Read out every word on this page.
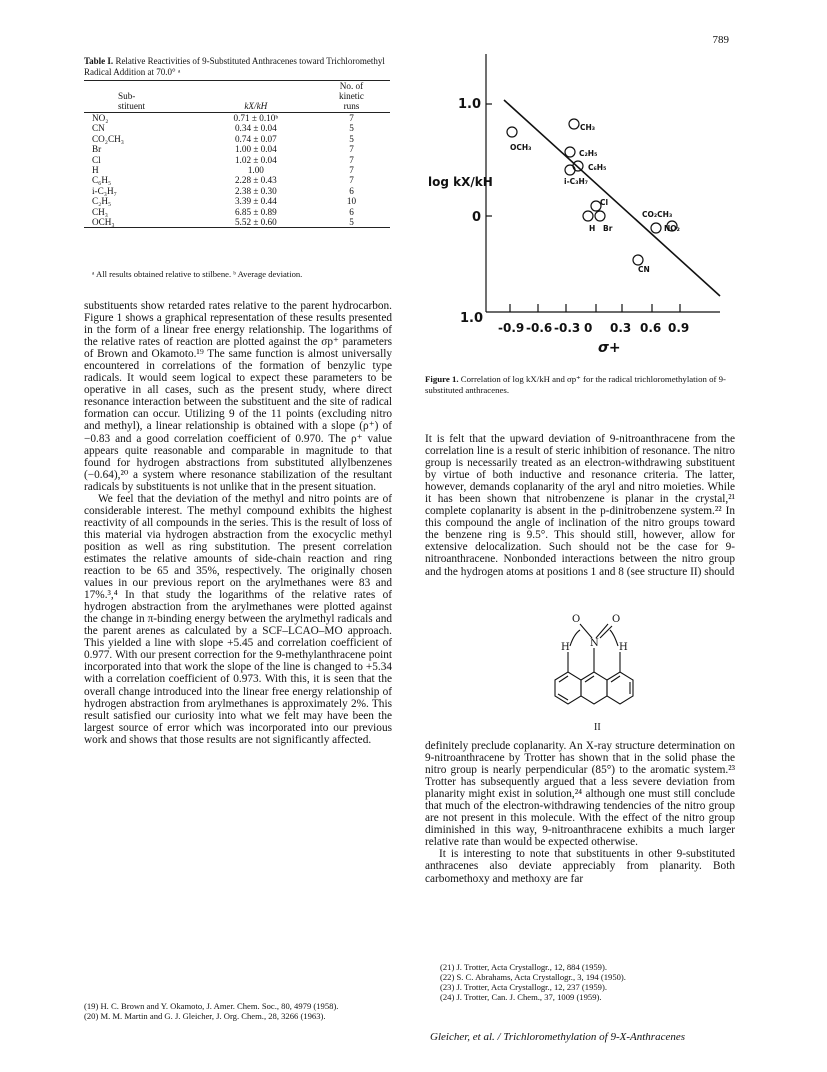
789
Table I. Relative Reactivities of 9-Substituted Anthracenes toward Trichloromethyl Radical Addition at 70.0° ᵃ
Sub-
stituent	kX/kH	No. of
kinetic
runs
NO₂	0.71 ± 0.10ᵇ	7
CN	0.34 ± 0.04	5
CO₂CH₃	0.74 ± 0.07	5
Br	1.00 ± 0.04	7
Cl	1.02 ± 0.04	7
H	1.00	7
C₆H₅	2.28 ± 0.43	7
i-C₃H₇	2.38 ± 0.30	6
C₂H₅	3.39 ± 0.44	10
CH₃	6.85 ± 0.89	6
OCH₃	5.52 ± 0.60	5
ᵃ All results obtained relative to stilbene. ᵇ Average deviation.

substituents show retarded rates relative to the parent hydrocarbon. Figure 1 shows a graphical representation of these results presented in the form of a linear free energy relationship. The logarithms of the relative rates of reaction are plotted against the σp⁺ parameters of Brown and Okamoto.¹⁹ The same function is almost universally encountered in correlations of the formation of benzylic type radicals. It would seem logical to expect these parameters to be operative in all cases, such as the present study, where direct resonance interaction between the substituent and the site of radical formation can occur. Utilizing 9 of the 11 points (excluding nitro and methyl), a linear relationship is obtained with a slope (ρ⁺) of −0.83 and a good correlation coefficient of 0.970. The ρ⁺ value appears quite reasonable and comparable in magnitude to that found for hydrogen abstractions from substituted allylbenzenes (−0.64),²⁰ a system where resonance stabilization of the resultant radicals by substituents is not unlike that in the present situation.

We feel that the deviation of the methyl and nitro points are of considerable interest. The methyl compound exhibits the highest reactivity of all compounds in the series. This is the result of loss of this material via hydrogen abstraction from the exocyclic methyl position as well as ring substitution. The present correlation estimates the relative amounts of side-chain reaction and ring reaction to be 65 and 35%, respectively. The originally chosen values in our previous report on the arylmethanes were 83 and 17%.³,⁴ In that study the logarithms of the relative rates of hydrogen abstraction from the arylmethanes were plotted against the change in π-binding energy between the arylmethyl radicals and the parent arenes as calculated by a SCF–LCAO–MO approach. This yielded a line with slope +5.45 and correlation coefficient of 0.977. With our present correction for the 9-methylanthracene point incorporated into that work the slope of the line is changed to +5.34 with a correlation coefficient of 0.973. With this, it is seen that the overall change introduced into the linear free energy relationship of hydrogen abstraction from arylmethanes is approximately 2%. This result satisfied our curiosity into what we felt may have been the largest source of error which was incorporated into our previous work and shows that those results are not significantly affected.

(19) H. C. Brown and Y. Okamoto, J. Amer. Chem. Soc., 80, 4979 (1958).
(20) M. M. Martin and G. J. Gleicher, J. Org. Chem., 28, 3266 (1963).
1.0
0
1.0
log kX/kH
-0.9 -0.6 -0.3 0 0.3 0.6 0.9
σ+
CH₃
OCH₃
C₂H₅
C₆H₅
i-C₃H₇
Cl
H Br
CO₂CH₃
NO₂
CN
Figure 1. Correlation of log kX/kH and σp⁺ for the radical trichloromethylation of 9-substituted anthracenes.

It is felt that the upward deviation of 9-nitroanthracene from the correlation line is a result of steric inhibition of resonance. The nitro group is necessarily treated as an electron-withdrawing substituent by virtue of both inductive and resonance criteria. The latter, however, demands coplanarity of the aryl and nitro moieties. While it has been shown that nitrobenzene is planar in the crystal,²¹ complete coplanarity is absent in the p-dinitrobenzene system.²² In this compound the angle of inclination of the nitro groups toward the benzene ring is 9.5°. This should still, however, allow for extensive delocalization. Such should not be the case for 9-nitroanthracene. Nonbonded interactions between the nitro group and the hydrogen atoms at positions 1 and 8 (see structure II) should

O	O
H N H
II

definitely preclude coplanarity. An X-ray structure determination on 9-nitroanthracene by Trotter has shown that in the solid phase the nitro group is nearly perpendicular (85°) to the aromatic system.²³ Trotter has subsequently argued that a less severe deviation from planarity might exist in solution,²⁴ although one must still conclude that much of the electron-withdrawing tendencies of the nitro group are not present in this molecule. With the effect of the nitro group diminished in this way, 9-nitroanthracene exhibits a much larger relative rate than would be expected otherwise.

It is interesting to note that substituents in other 9-substituted anthracenes also deviate appreciably from planarity. Both carbomethoxy and methoxy are far

(21) J. Trotter, Acta Crystallogr., 12, 884 (1959).
(22) S. C. Abrahams, Acta Crystallogr., 3, 194 (1950).
(23) J. Trotter, Acta Crystallogr., 12, 237 (1959).
(24) J. Trotter, Can. J. Chem., 37, 1009 (1959).
Gleicher, et al. / Trichloromethylation of 9-X-Anthracenes
